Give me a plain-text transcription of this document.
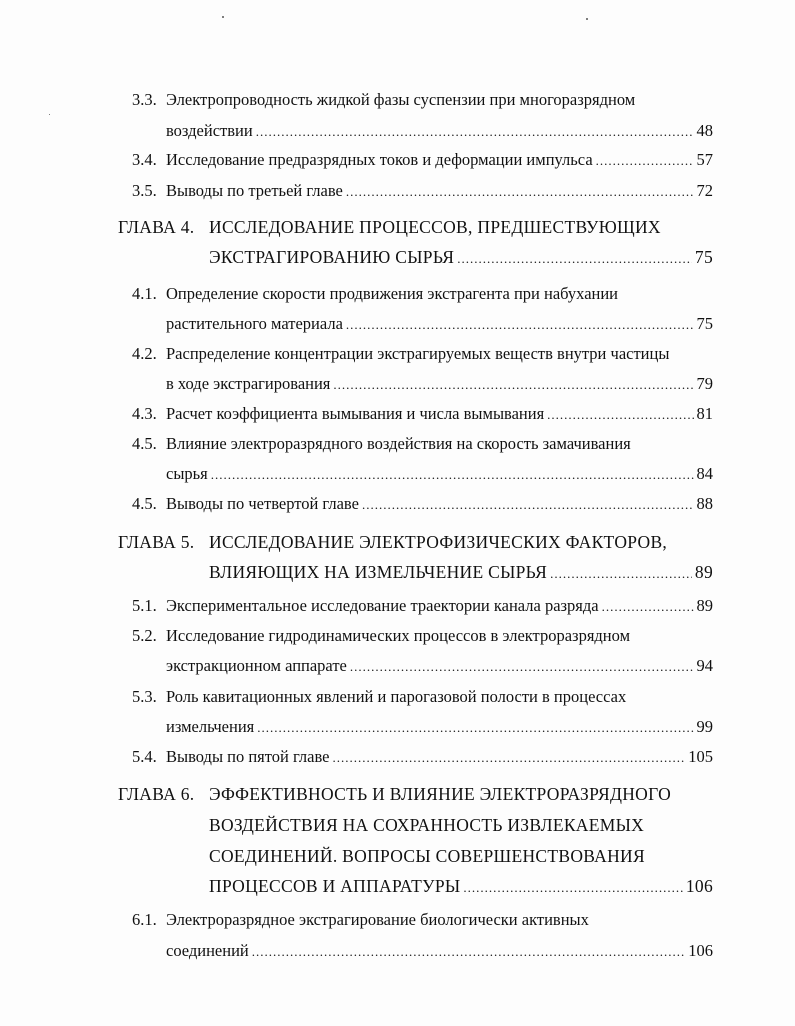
3.3. Электропроводность жидкой фазы суспензии при многоразрядном
воздействии .....	48
3.4. Исследование предразрядных токов и деформации импульса .....	57
3.5. Выводы по третьей главе .....	72
ГЛАВА 4. ИССЛЕДОВАНИЕ ПРОЦЕССОВ, ПРЕДШЕСТВУЮЩИХ
ЭКСТРАГИРОВАНИЮ СЫРЬЯ .....	75
4.1. Определение скорости продвижения экстрагента при набухании
растительного материала .....	75
4.2. Распределение концентрации экстрагируемых веществ внутри частицы
в ходе экстрагирования .....	79
4.3. Расчет коэффициента вымывания и числа вымывания .....	81
4.5. Влияние электроразрядного воздействия на скорость замачивания
сырья .....	84
4.5. Выводы по четвертой главе .....	88
ГЛАВА 5. ИССЛЕДОВАНИЕ ЭЛЕКТРОФИЗИЧЕСКИХ ФАКТОРОВ,
ВЛИЯЮЩИХ НА ИЗМЕЛЬЧЕНИЕ СЫРЬЯ .....	89
5.1. Экспериментальное исследование траектории канала разряда .....	89
5.2. Исследование гидродинамических процессов в электроразрядном
экстракционном аппарате .....	94
5.3. Роль кавитационных явлений и парогазовой полости в процессах
измельчения .....	99
5.4. Выводы по пятой главе .....	105
ГЛАВА 6. ЭФФЕКТИВНОСТЬ И ВЛИЯНИЕ ЭЛЕКТРОРАЗРЯДНОГО
ВОЗДЕЙСТВИЯ НА СОХРАННОСТЬ ИЗВЛЕКАЕМЫХ
СОЕДИНЕНИЙ. ВОПРОСЫ СОВЕРШЕНСТВОВАНИЯ
ПРОЦЕССОВ И АППАРАТУРЫ .....	106
6.1. Электроразрядное экстрагирование биологически активных
соединений .....	106
